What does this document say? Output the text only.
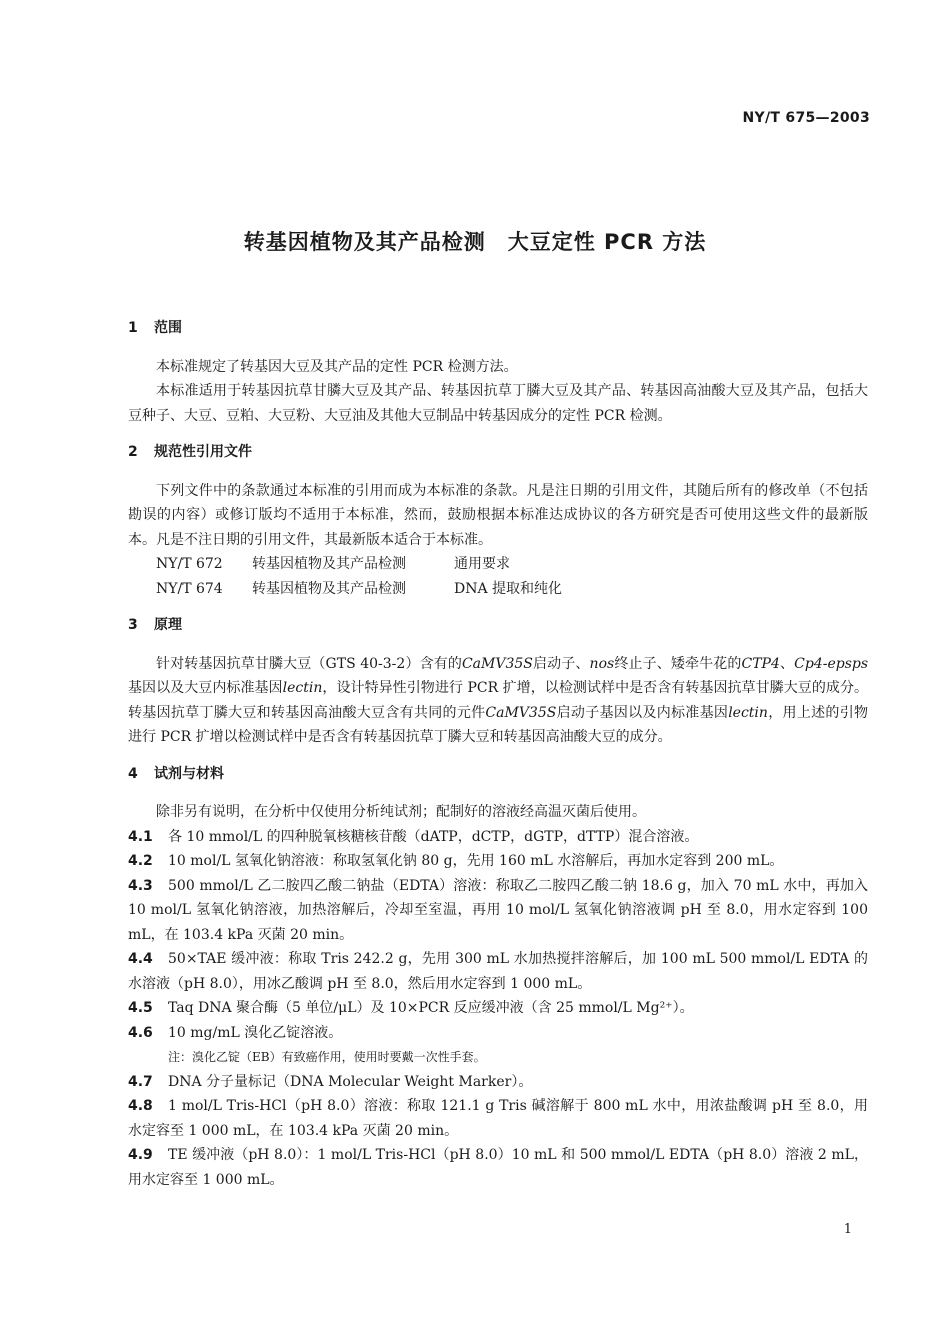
NY/T 675—2003
转基因植物及其产品检测　大豆定性 PCR 方法

1 范围

本标准规定了转基因大豆及其产品的定性 PCR 检测方法。

本标准适用于转基因抗草甘膦大豆及其产品、转基因抗草丁膦大豆及其产品、转基因高油酸大豆及其产品，包括大豆种子、大豆、豆粕、大豆粉、大豆油及其他大豆制品中转基因成分的定性 PCR 检测。

2 规范性引用文件

下列文件中的条款通过本标准的引用而成为本标准的条款。凡是注日期的引用文件，其随后所有的修改单（不包括勘误的内容）或修订版均不适用于本标准，然而，鼓励根据本标准达成协议的各方研究是否可使用这些文件的最新版本。凡是不注日期的引用文件，其最新版本适合于本标准。

NY/T 672 转基因植物及其产品检测	通用要求

NY/T 674 转基因植物及其产品检测	DNA 提取和纯化

3 原理

针对转基因抗草甘膦大豆（GTS 40-3-2）含有的CaMV35S启动子、nos终止子、矮牵牛花的CTP4、Cp4-epsps基因以及大豆内标准基因lectin，设计特异性引物进行 PCR 扩增，以检测试样中是否含有转基因抗草甘膦大豆的成分。转基因抗草丁膦大豆和转基因高油酸大豆含有共同的元件CaMV35S启动子基因以及内标准基因lectin，用上述的引物进行 PCR 扩增以检测试样中是否含有转基因抗草丁膦大豆和转基因高油酸大豆的成分。

4 试剂与材料

除非另有说明，在分析中仅使用分析纯试剂；配制好的溶液经高温灭菌后使用。

4.1 各 10 mmol/L 的四种脱氧核糖核苷酸（dATP，dCTP，dGTP，dTTP）混合溶液。

4.2 10 mol/L 氢氧化钠溶液：称取氢氧化钠 80 g，先用 160 mL 水溶解后，再加水定容到 200 mL。

4.3 500 mmol/L 乙二胺四乙酸二钠盐（EDTA）溶液：称取乙二胺四乙酸二钠 18.6 g，加入 70 mL 水中，再加入 10 mol/L 氢氧化钠溶液，加热溶解后，冷却至室温，再用 10 mol/L 氢氧化钠溶液调 pH 至 8.0，用水定容到 100 mL，在 103.4 kPa 灭菌 20 min。

4.4 50×TAE 缓冲液：称取 Tris 242.2 g，先用 300 mL 水加热搅拌溶解后，加 100 mL 500 mmol/L EDTA 的水溶液（pH 8.0），用冰乙酸调 pH 至 8.0，然后用水定容到 1 000 mL。

4.5 Taq DNA 聚合酶（5 单位/μL）及 10×PCR 反应缓冲液（含 25 mmol/L Mg²⁺）。

4.6 10 mg/mL 溴化乙锭溶液。

注：溴化乙锭（EB）有致癌作用，使用时要戴一次性手套。

4.7 DNA 分子量标记（DNA Molecular Weight Marker）。

4.8 1 mol/L Tris-HCl（pH 8.0）溶液：称取 121.1 g Tris 碱溶解于 800 mL 水中，用浓盐酸调 pH 至 8.0，用水定容至 1 000 mL，在 103.4 kPa 灭菌 20 min。

4.9 TE 缓冲液（pH 8.0）：1 mol/L Tris-HCl（pH 8.0）10 mL 和 500 mmol/L EDTA（pH 8.0）溶液 2 mL，用水定容至 1 000 mL。

1
